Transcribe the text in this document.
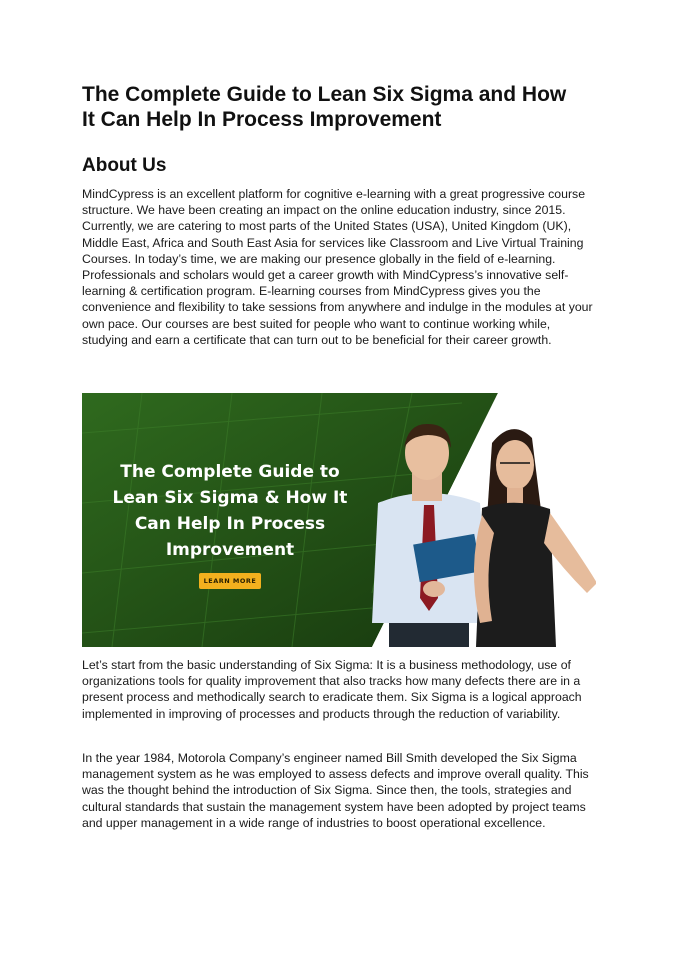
The Complete Guide to Lean Six Sigma and How
It Can Help In Process Improvement
About Us

MindCypress is an excellent platform for cognitive e-learning with a great progressive course structure. We have been creating an impact on the online education industry, since 2015. Currently, we are catering to most parts of the United States (USA), United Kingdom (UK), Middle East, Africa and South East Asia for services like Classroom and Live Virtual Training Courses. In today’s time, we are making our presence globally in the field of e-learning. Professionals and scholars would get a career growth with MindCypress’s innovative self-learning & certification program. E-learning courses from MindCypress gives you the convenience and flexibility to take sessions from anywhere and indulge in the modules at your own pace. Our courses are best suited for people who want to continue working while, studying and earn a certificate that can turn out to be beneficial for their career growth.

The Complete Guide to
Lean Six Sigma & How It
Can Help In Process
Improvement
LEARN MORE

Let’s start from the basic understanding of Six Sigma: It is a business methodology, use of organizations tools for quality improvement that also tracks how many defects there are in a present process and methodically search to eradicate them. Six Sigma is a logical approach implemented in improving of processes and products through the reduction of variability.

In the year 1984, Motorola Company’s engineer named Bill Smith developed the Six Sigma management system as he was employed to assess defects and improve overall quality. This was the thought behind the introduction of Six Sigma. Since then, the tools, strategies and cultural standards that sustain the management system have been adopted by project teams and upper management in a wide range of industries to boost operational excellence.
